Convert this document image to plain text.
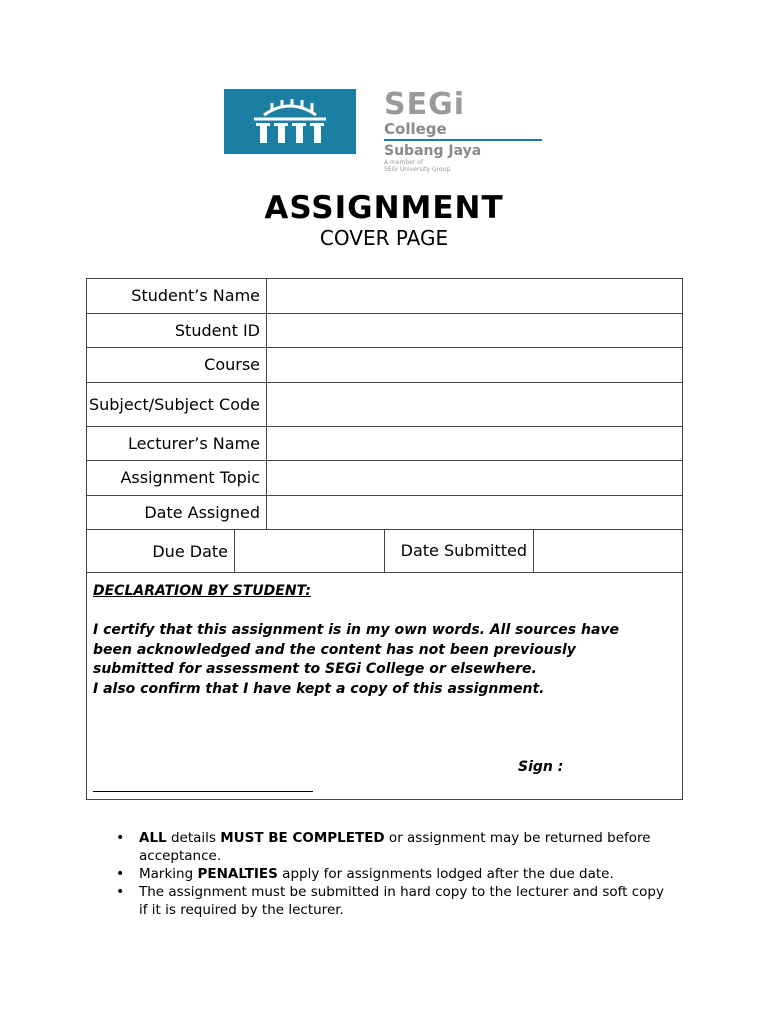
SEGi
College
Subang Jaya
A member of
SEGi University Group
ASSIGNMENT
COVER PAGE
Student’s Name
Student ID
Course
Subject/Subject Code
Lecturer’s Name
Assignment Topic
Date Assigned
Due Date	Date Submitted
DECLARATION BY STUDENT:

I certify that this assignment is in my own words. All sources have been acknowledged and the content has not been previously submitted for assessment to SEGi College or elsewhere.

I also confirm that I have kept a copy of this assignment.

Sign :
• ALL details MUST BE COMPLETED or assignment may be returned before acceptance.
• Marking PENALTIES apply for assignments lodged after the due date.
• The assignment must be submitted in hard copy to the lecturer and soft copy if it is required by the lecturer.
